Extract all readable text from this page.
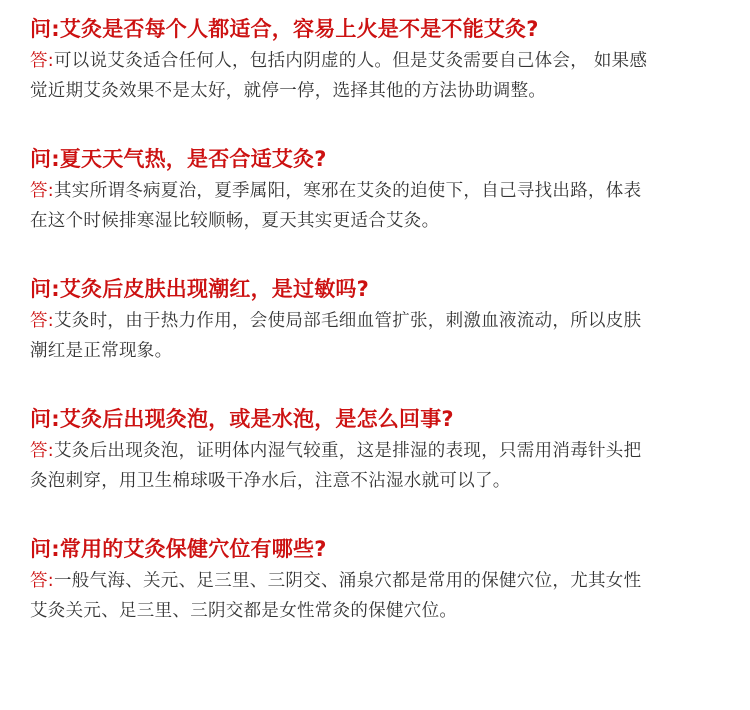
问:艾灸是否每个人都适合，容易上火是不是不能艾灸?
答:可以说艾灸适合任何人，包括内阴虚的人。但是艾灸需要自己体会， 如果感
觉近期艾灸效果不是太好，就停一停，选择其他的方法协助调整。
问:夏天天气热，是否合适艾灸?
答:其实所谓冬病夏治，夏季属阳，寒邪在艾灸的迫使下，自己寻找出路，体表
在这个时候排寒湿比较顺畅，夏天其实更适合艾灸。
问:艾灸后皮肤出现潮红，是过敏吗?
答:艾灸时，由于热力作用，会使局部毛细血管扩张，刺激血液流动，所以皮肤
潮红是正常现象。
问:艾灸后出现灸泡，或是水泡，是怎么回事?
答:艾灸后出现灸泡，证明体内湿气较重，这是排湿的表现，只需用消毒针头把
灸泡刺穿，用卫生棉球吸干净水后，注意不沾湿水就可以了。
问:常用的艾灸保健穴位有哪些?
答:一般气海、关元、足三里、三阴交、涌泉穴都是常用的保健穴位，尤其女性
艾灸关元、足三里、三阴交都是女性常灸的保健穴位。
